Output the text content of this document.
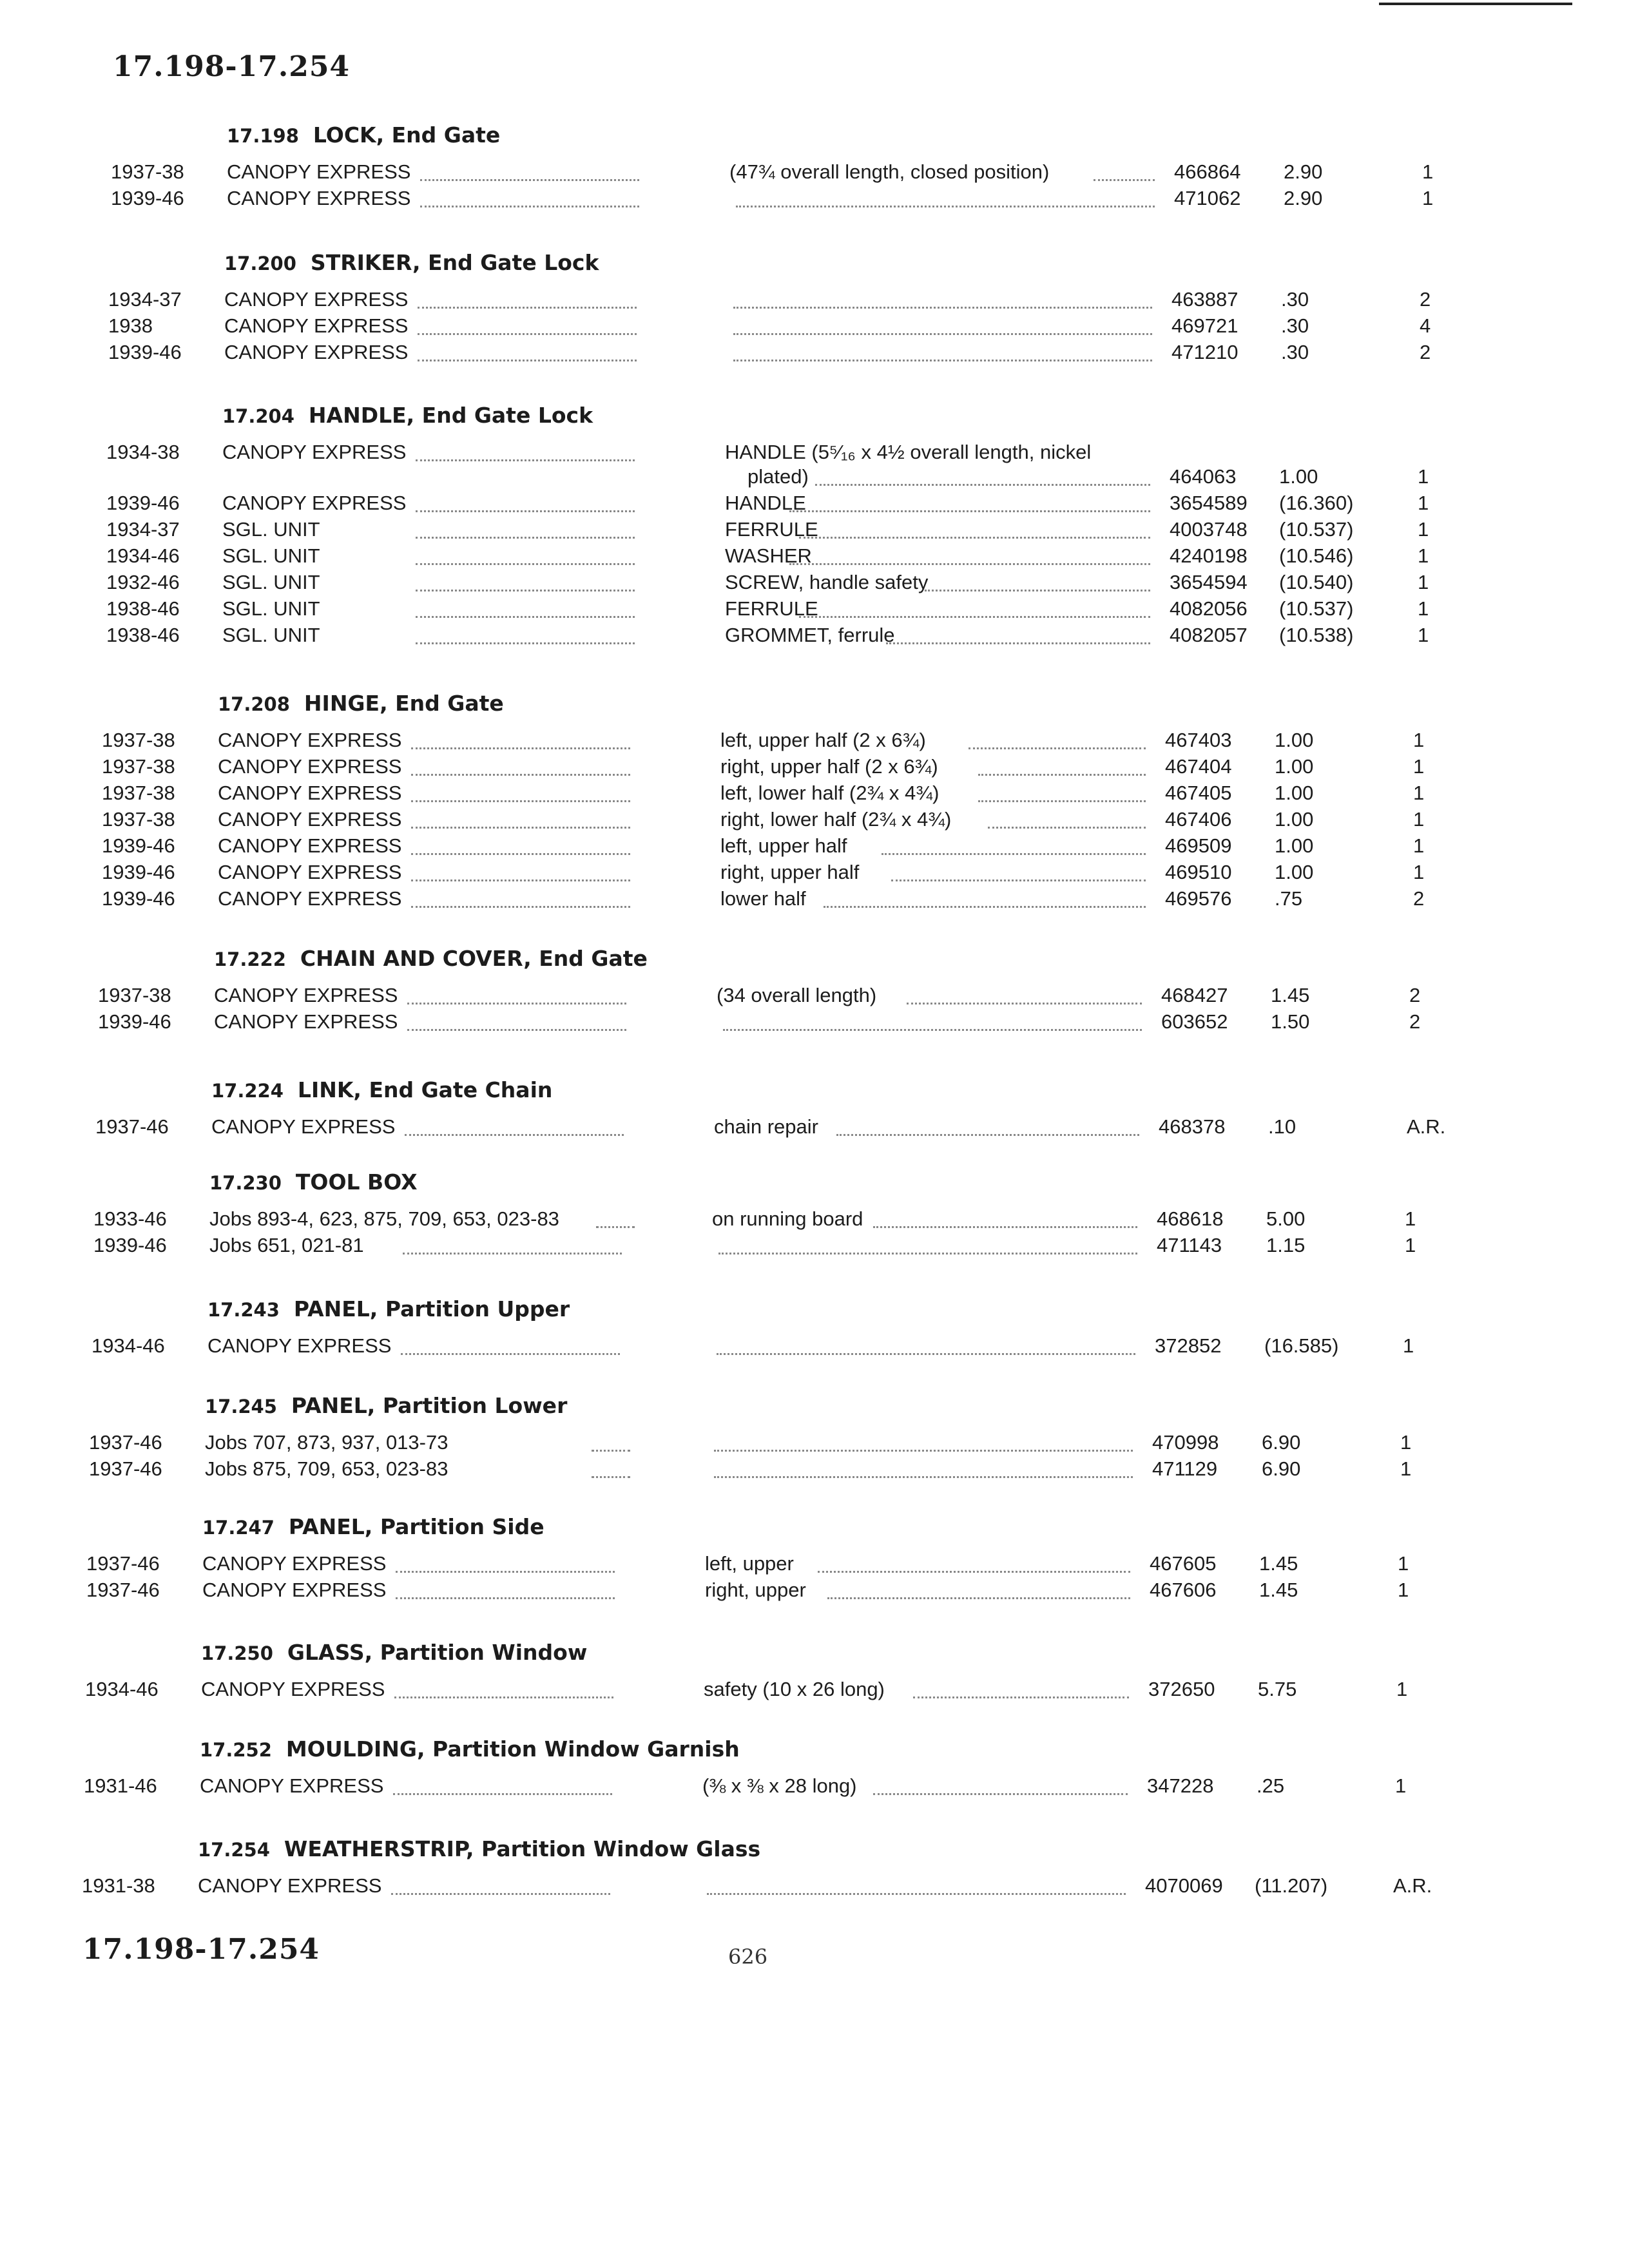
17.198-17.254
17.198 LOCK, End Gate
1937-38 CANOPY EXPRESS	(47¾ overall length, closed position)	466864 2.90	1
1939-46 CANOPY EXPRESS	471062 2.90	1
17.200 STRIKER, End Gate Lock
1934-37 CANOPY EXPRESS	463887 .30	2
1938	CANOPY EXPRESS	469721 .30	4
1939-46 CANOPY EXPRESS	471210 .30	2
17.204 HANDLE, End Gate Lock
1934-38 CANOPY EXPRESS	HANDLE (5⁵⁄₁₆ x 4½ overall length, nickel
plated)	464063 1.00	1
1939-46 CANOPY EXPRESS	HANDLE	3654589 (16.360)	1
1934-37 SGL. UNIT	FERRULE	4003748 (10.537)	1
1934-46 SGL. UNIT	WASHER	4240198 (10.546)	1
1932-46 SGL. UNIT	SCREW, handle safety	3654594 (10.540)	1
1938-46 SGL. UNIT	FERRULE	4082056 (10.537)	1
1938-46 SGL. UNIT	GROMMET, ferrule	4082057 (10.538)	1
17.208 HINGE, End Gate
1937-38 CANOPY EXPRESS	left, upper half (2 x 6¾)	467403 1.00	1
1937-38 CANOPY EXPRESS	right, upper half (2 x 6¾)	467404 1.00	1
1937-38 CANOPY EXPRESS	left, lower half (2¾ x 4¾)	467405 1.00	1
1937-38 CANOPY EXPRESS	right, lower half (2¾ x 4¾)	467406 1.00	1
1939-46 CANOPY EXPRESS	left, upper half	469509 1.00	1
1939-46 CANOPY EXPRESS	right, upper half	469510 1.00	1
1939-46 CANOPY EXPRESS	lower half	469576 .75	2
17.222 CHAIN AND COVER, End Gate
1937-38 CANOPY EXPRESS	(34 overall length)	468427 1.45	2
1939-46 CANOPY EXPRESS	603652 1.50	2
17.224 LINK, End Gate Chain
1937-46 CANOPY EXPRESS	chain repair	468378 .10	A.R.
17.230 TOOL BOX
1933-46 Jobs 893-4, 623, 875, 709, 653, 023-83	on running board	468618 5.00	1
1939-46 Jobs 651, 021-81	471143 1.15	1
17.243 PANEL, Partition Upper
1934-46 CANOPY EXPRESS	372852 (16.585)	1
17.245 PANEL, Partition Lower
1937-46 Jobs 707, 873, 937, 013-73	470998 6.90	1
1937-46 Jobs 875, 709, 653, 023-83	471129 6.90	1
17.247 PANEL, Partition Side
1937-46 CANOPY EXPRESS	left, upper	467605 1.45	1
1937-46 CANOPY EXPRESS	right, upper	467606 1.45	1
17.250 GLASS, Partition Window
1934-46 CANOPY EXPRESS	safety (10 x 26 long)	372650 5.75	1
17.252 MOULDING, Partition Window Garnish
1931-46 CANOPY EXPRESS	(⅜ x ⅜ x 28 long)	347228 .25	1
17.254 WEATHERSTRIP, Partition Window Glass
1931-38 CANOPY EXPRESS	4070069 (11.207)	A.R.
17.198-17.254	626
